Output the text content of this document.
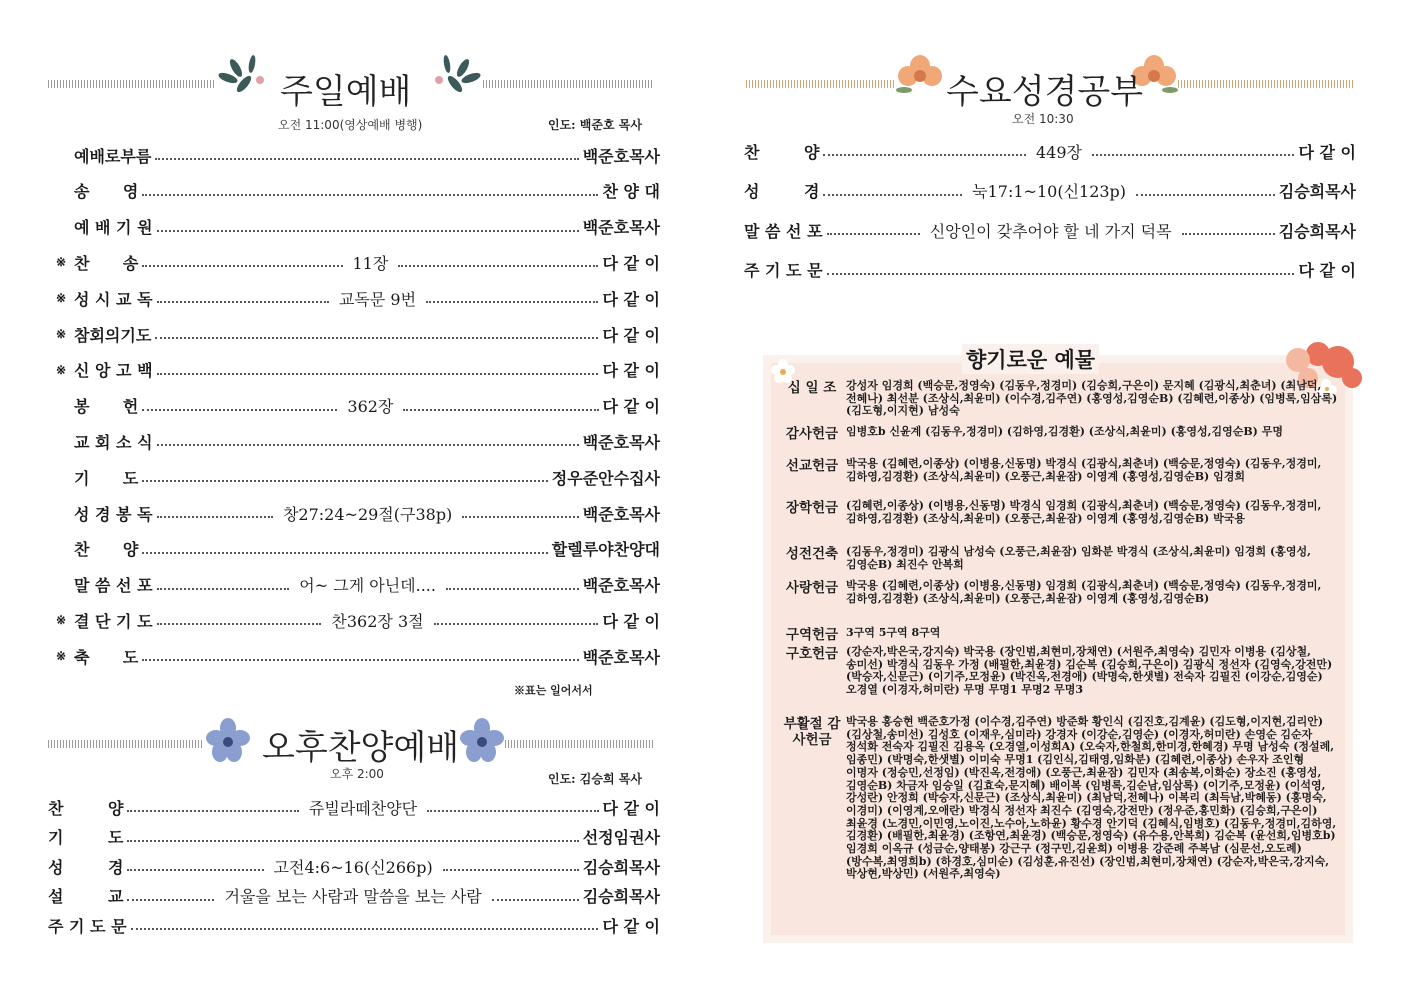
주일예배
오전 11:00(영상예배 병행)	인도: 백준호 목사
예배로부름	백준호목사
송      영	찬 양 대
예 배 기 원	백준호목사
※ 찬      송	11장	다 같 이
※ 성 시 교 독	교독문 9번	다 같 이
※ 참회의기도	다 같 이
※ 신 앙 고 백	다 같 이
봉      헌	362장	다 같 이
교 회 소 식	백준호목사
기      도	정우준안수집사
성 경 봉 독	창27:24~29절(구38p)	백준호목사
찬      양	할렐루야찬양대
말 씀 선 포	어~ 그게 아닌데....	백준호목사
※ 결 단 기 도	찬362장 3절	다 같 이
※ 축      도	백준호목사
※표는 일어서서
오후찬양예배
오후 2:00	인도: 김승희 목사
찬        양	쥬빌라떼찬양단	다 같 이
기        도	선정임권사
성        경	고전4:6~16(신266p)	김승희목사
설        교	거울을 보는 사람과 말씀을 보는 사람	김승희목사
주 기 도 문	다 같 이
수요성경공부
오전 10:30
찬        양	449장	다 같 이
성        경	눅17:1~10(신123p)	김승희목사
말 씀 선 포	신앙인이 갖추어야 할 네 가지 덕목	김승희목사
주 기 도 문	다 같 이
향기로운 예물
십 일 조 강성자 임경희 (백승문,정영숙) (김동우,정경미) (김승희,구은이) 문지혜 (김광식,최춘녀) (최남덕,전혜나) 최선분 (조상식,최윤미) (이수경,김주연) (홍영성,김영순B) (김혜련,이종상) (임병록,임삼록) (김도형,이지현) 남성숙
감사헌금 임병호b 신윤계 (김동우,정경미) (김하영,김경환) (조상식,최윤미) (홍영성,김영순B) 무명
선교헌금 박국용 (김혜련,이종상) (이병용,신동명) 박경식 (김광식,최춘녀) (백승문,정영숙) (김동우,정경미,김하영,김경환) (조상식,최윤미) (오풍근,최윤잠) 이영계 (홍영성,김영순B) 임경희
장학헌금 (김혜련,이종상) (이병용,신동명) 박경식 임경희 (김광식,최춘녀) (백승문,정영숙) (김동우,정경미,김하영,김경환) (조상식,최윤미) (오풍근,최윤잠) 이영계 (홍영성,김영순B) 박국용
성전건축 (김동우,정경미) 김광식 남성숙 (오풍근,최윤잠) 임화분 박경식 (조상식,최윤미) 임경희 (홍영성,김영순B) 최진수 안복희
사랑헌금 박국용 (김혜련,이종상) (이병용,신동명) 임경희 (김광식,최춘녀) (백승문,정영숙) (김동우,정경미,김하영,김경환) (조상식,최윤미) (오풍근,최윤잠) 이영계 (홍영성,김영순B)
구역헌금 3구역 5구역 8구역
구호헌금 (강순자,박은국,강지숙) 박국용 (장인범,최현미,장채연) (서원주,최영숙) 김민자 이병용 (김상철,송미선) 박경식 김동우 가정 (배필한,최윤경) 김순복 (김승희,구은이) 김광식 정선자 (김영숙,강전만) (박승자,신문근) (이기주,모정윤) (박진옥,전경애) (박명숙,한샛별) 전숙자 김필진 (이강순,김영순) 오경열 (이경자,허미란) 무명 무명1 무명2 무명3
부활절 감사헌금
박국용 홍승현 백준호가정 (이수경,김주연) 방준화 황인식 (김진호,김계윤) (김도형,이지현,김리안) (김상철,송미선) 김성호 (이재우,심미라) 강경자 (이강순,김영순) (이경자,허미란) 손영순 김순자 정석화 전숙자 김필진 김용옥 (오경열,이성희A) (오숙자,한철희,한미경,한혜경) 무명 남성숙 (정설례,임종민) (박명숙,한샛별) 이미숙 무명1 (김인식,김태영,임화분) (김혜련,이종상) 손우자 조인형 이명자 (정승민,선정임) (박진옥,전경애) (오풍근,최윤잠) 김민자 (최송복,이화순) 장소진 (홍영성,김영순B) 차금자 임승일 (김효숙,문지혜) 배이복 (임병록,김순남,임삼록) (이기주,모정윤) (이석영,강성란) 안정희 (박승자,신문근) (조상식,최윤미) (최남덕,전혜나) 이복리 (최득남,박혜동) (홍명숙,이경미) (이영계,오애란) 박경식 정선자 최진수 (김영숙,강전만) (정우준,홍민화) (김승희,구은이) 최윤경 (노경민,이민영,노이진,노수아,노하윤) 황수경 안기덕 (김혜식,임병호) (김동우,정경미,김하영,김경환) (배필한,최윤경) (조항연,최윤경) (백승문,정영숙) (유수용,안복희) 김순복 (윤선희,임병호b) 임경희 이옥규 (성금순,양태봉) 강근구 (정구민,김윤희) 이병용 강준례 주복남 (심문선,오도례) (방수복,최영희b) (하경호,심미순) (김성훈,유진선) (장인범,최현미,장채연) (강순자,박은국,강지숙,박상현,박상민) (서원주,최영숙)
